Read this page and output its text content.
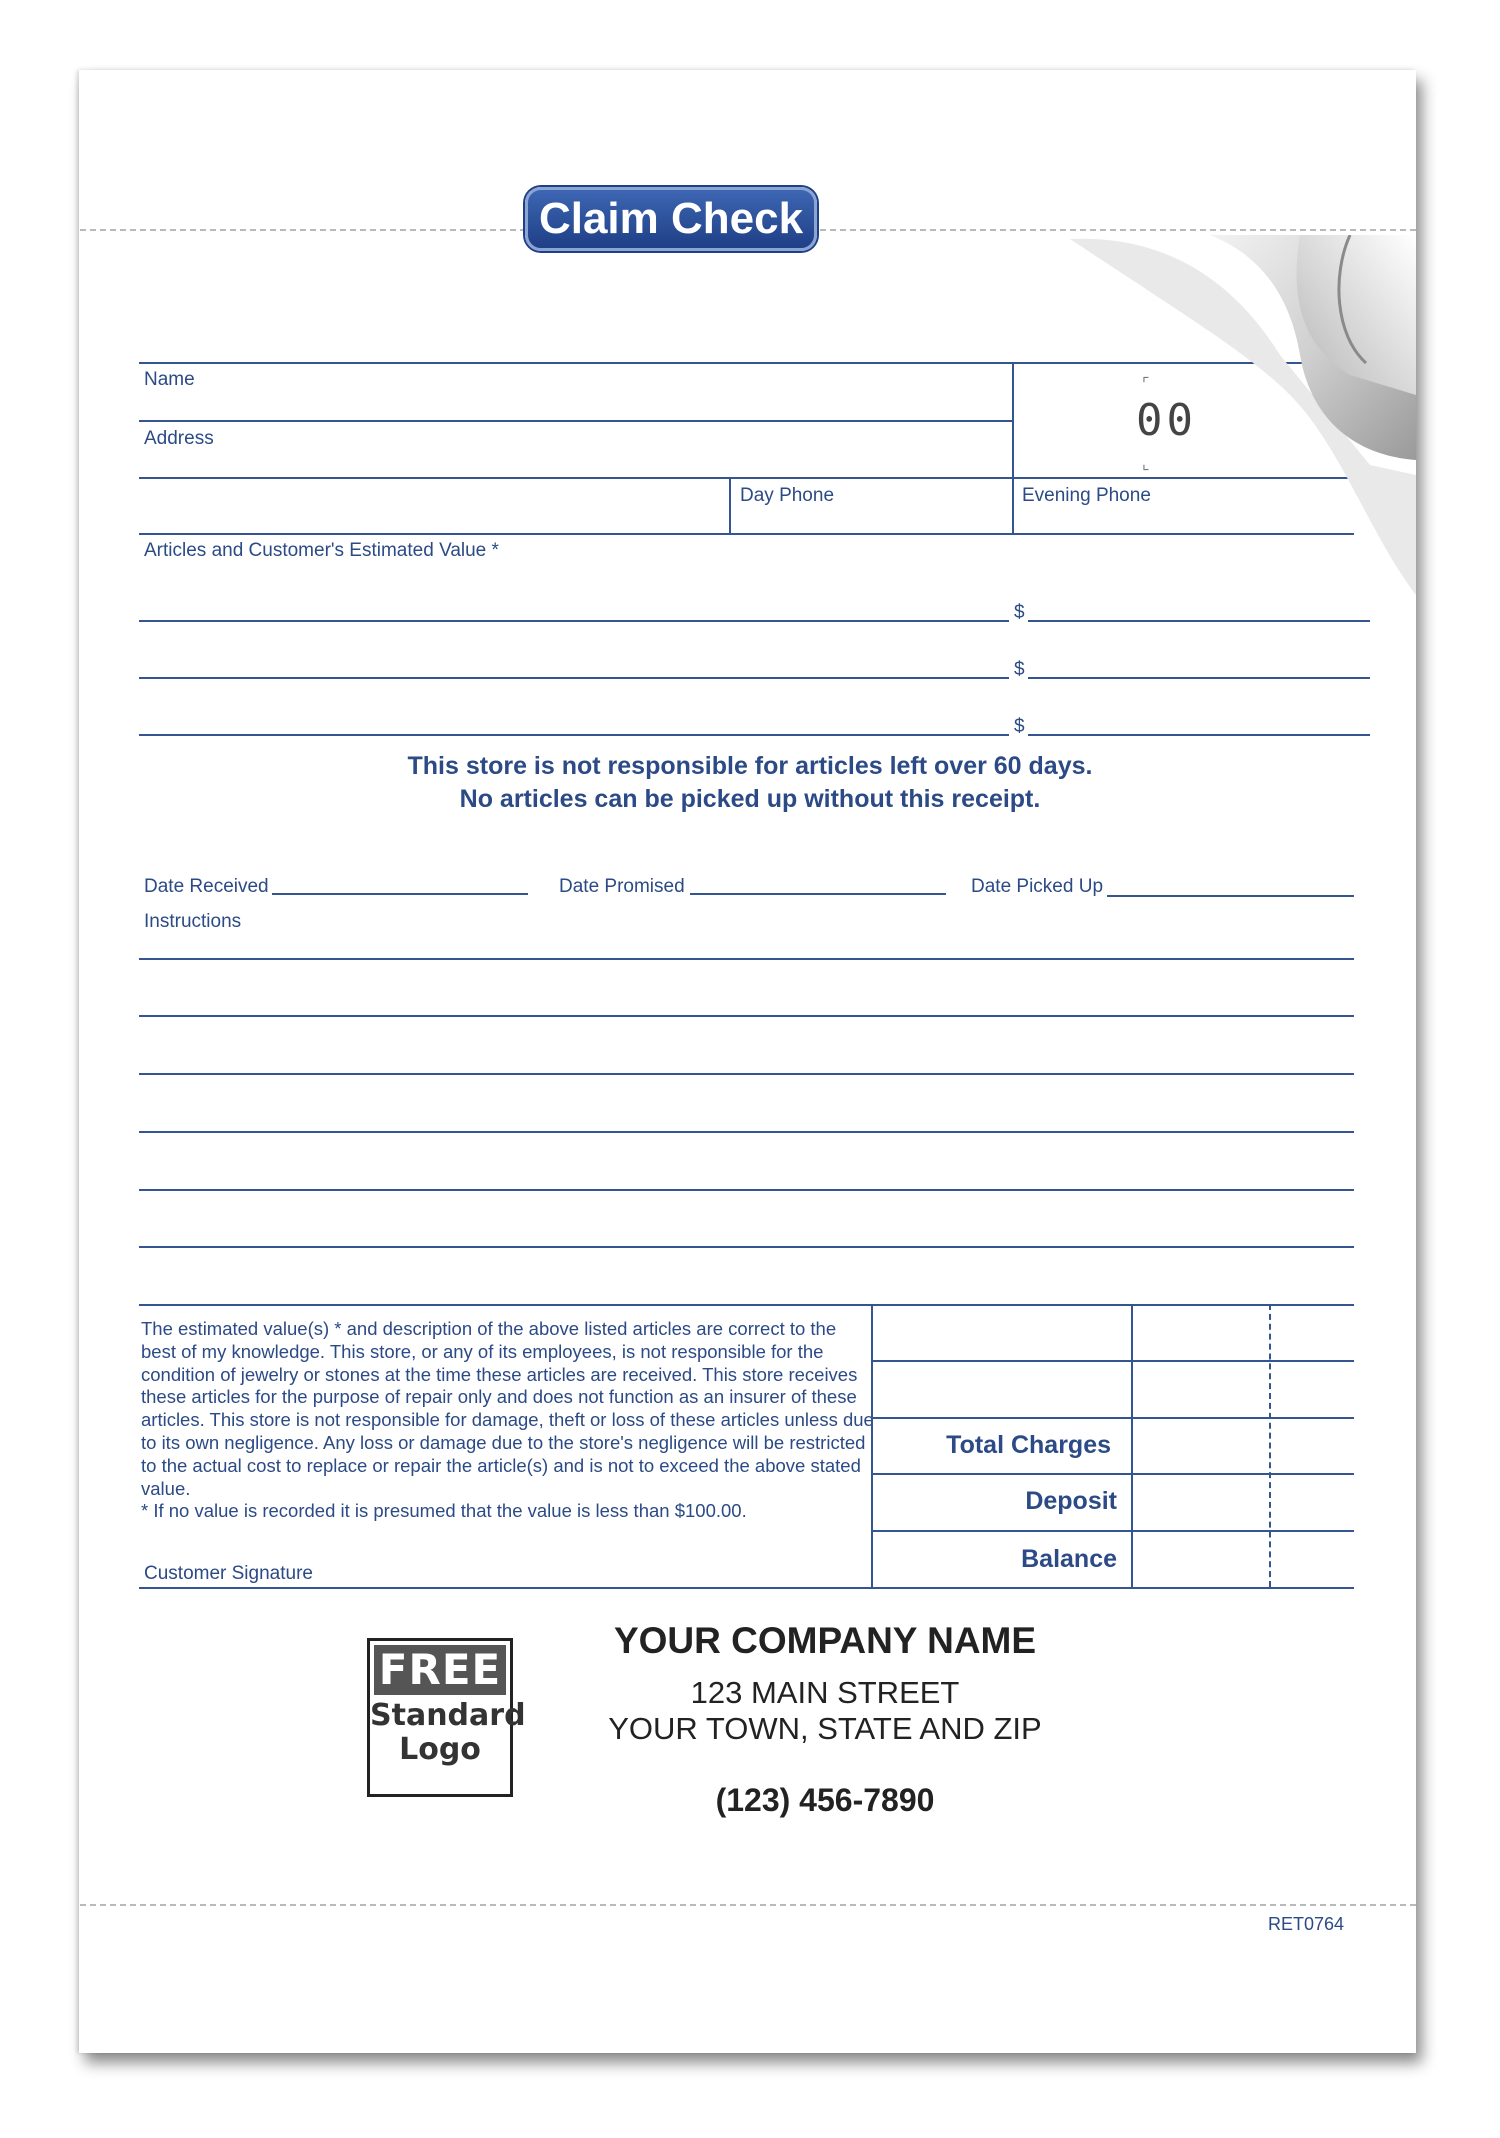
Claim Check
Name
Address
⌜
⌞
00
Day Phone	Evening Phone
Articles and Customer's Estimated Value *
$
$
$
This store is not responsible for articles left over 60 days.
No articles can be picked up without this receipt.
Date Received	Date Promised	Date Picked Up
Instructions
The estimated value(s) * and description of the above listed articles are correct to the best of my knowledge. This store, or any of its employees, is not responsible for the condition of jewelry or stones at the time these articles are received. This store receives these articles for the purpose of repair only and does not function as an insurer of these articles. This store is not responsible for damage, theft or loss of these articles unless due to its own negligence. Any loss or damage due to the store's negligence will be restricted to the actual cost to replace or repair the article(s) and is not to exceed the above stated value.
* If no value is recorded it is presumed that the value is less than $100.00.
Customer Signature
Total Charges
Deposit
Balance
FREE
Standard
Logo
YOUR COMPANY NAME
123 MAIN STREET
YOUR TOWN, STATE AND ZIP
(123) 456-7890
RET0764
